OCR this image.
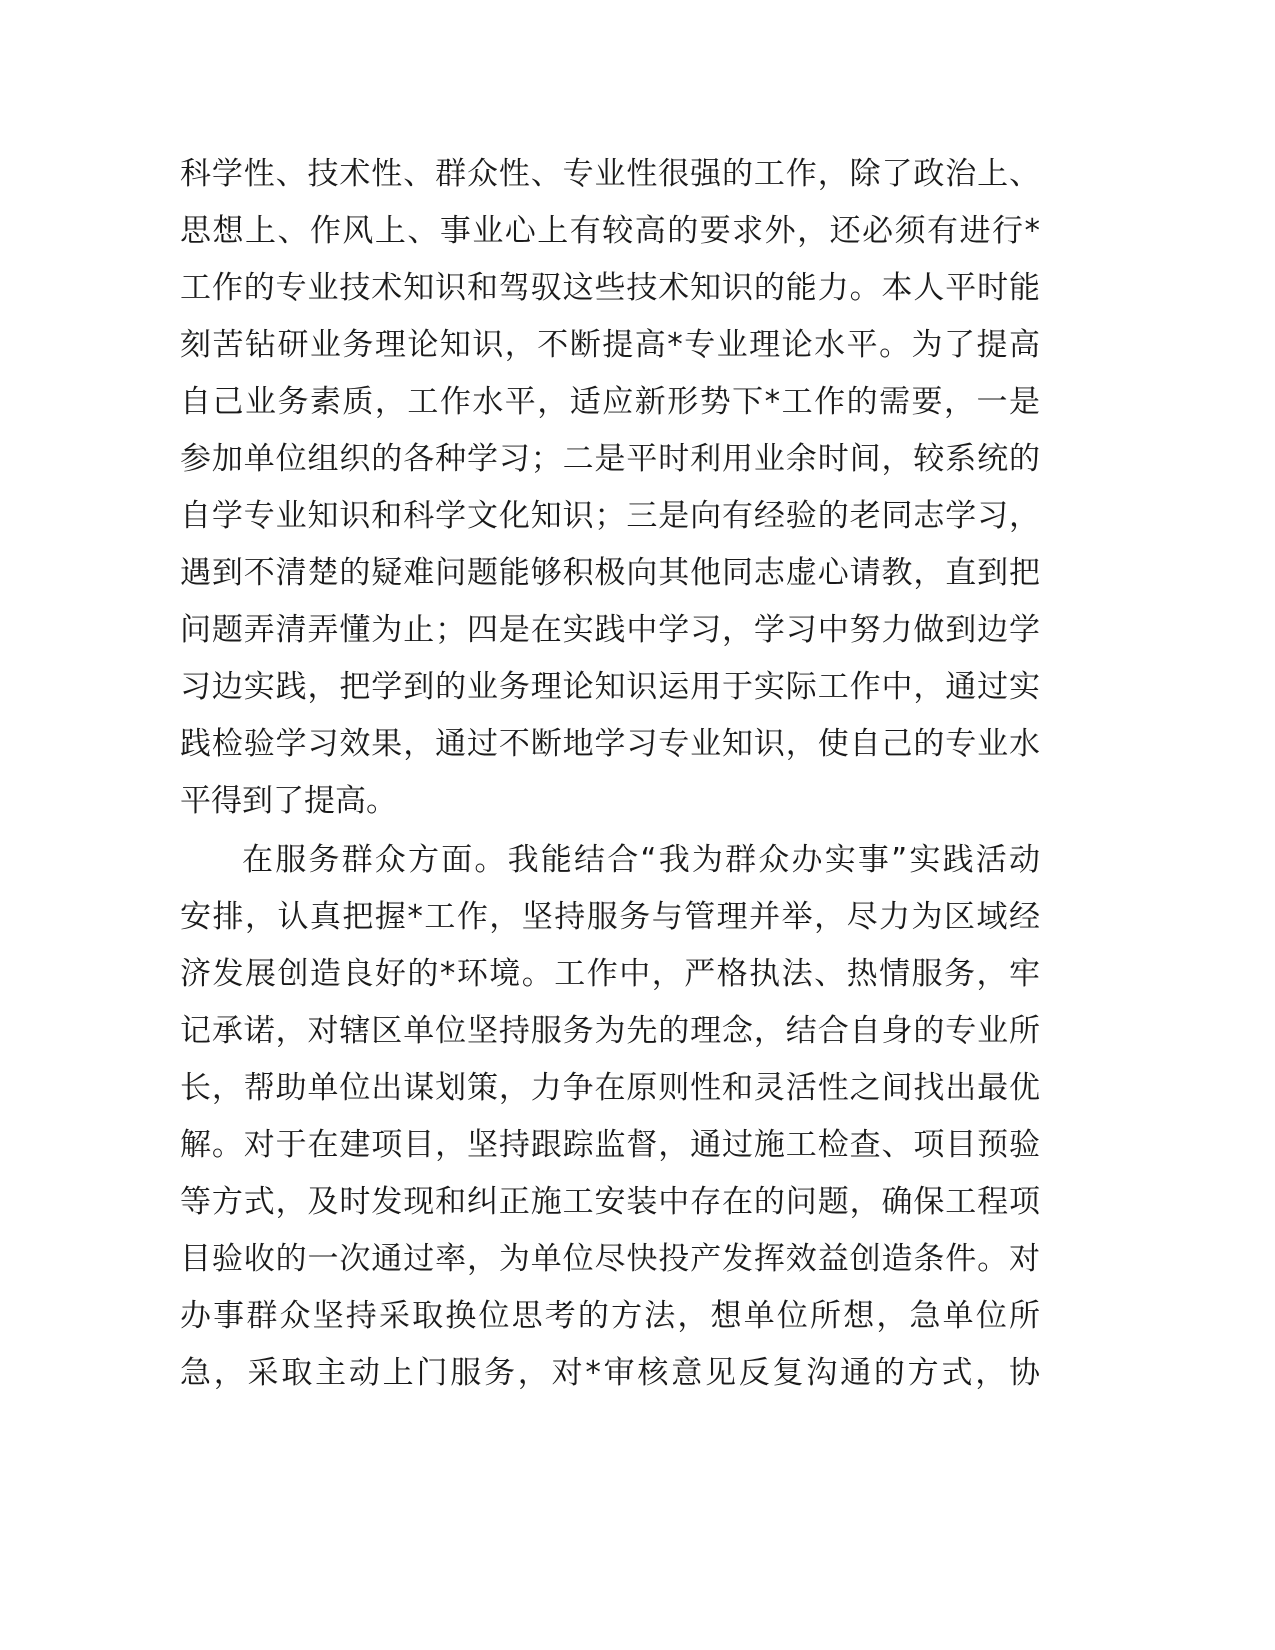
科学性、技术性、群众性、专业性很强的工作，除了政治上、
思想上、作风上、事业心上有较高的要求外，还必须有进行*
工作的专业技术知识和驾驭这些技术知识的能力。本人平时能
刻苦钻研业务理论知识，不断提高*专业理论水平。为了提高
自己业务素质，工作水平，适应新形势下*工作的需要，一是
参加单位组织的各种学习；二是平时利用业余时间，较系统的
自学专业知识和科学文化知识；三是向有经验的老同志学习，
遇到不清楚的疑难问题能够积极向其他同志虚心请教，直到把
问题弄清弄懂为止；四是在实践中学习，学习中努力做到边学
习边实践，把学到的业务理论知识运用于实际工作中，通过实
践检验学习效果，通过不断地学习专业知识，使自己的专业水
平得到了提高。
在服务群众方面。我能结合“我为群众办实事”实践活动
安排，认真把握*工作，坚持服务与管理并举，尽力为区域经
济发展创造良好的*环境。工作中，严格执法、热情服务，牢
记承诺，对辖区单位坚持服务为先的理念，结合自身的专业所
长，帮助单位出谋划策，力争在原则性和灵活性之间找出最优
解。对于在建项目，坚持跟踪监督，通过施工检查、项目预验
等方式，及时发现和纠正施工安装中存在的问题，确保工程项
目验收的一次通过率，为单位尽快投产发挥效益创造条件。对
办事群众坚持采取换位思考的方法，想单位所想，急单位所
急，采取主动上门服务，对*审核意见反复沟通的方式，协
